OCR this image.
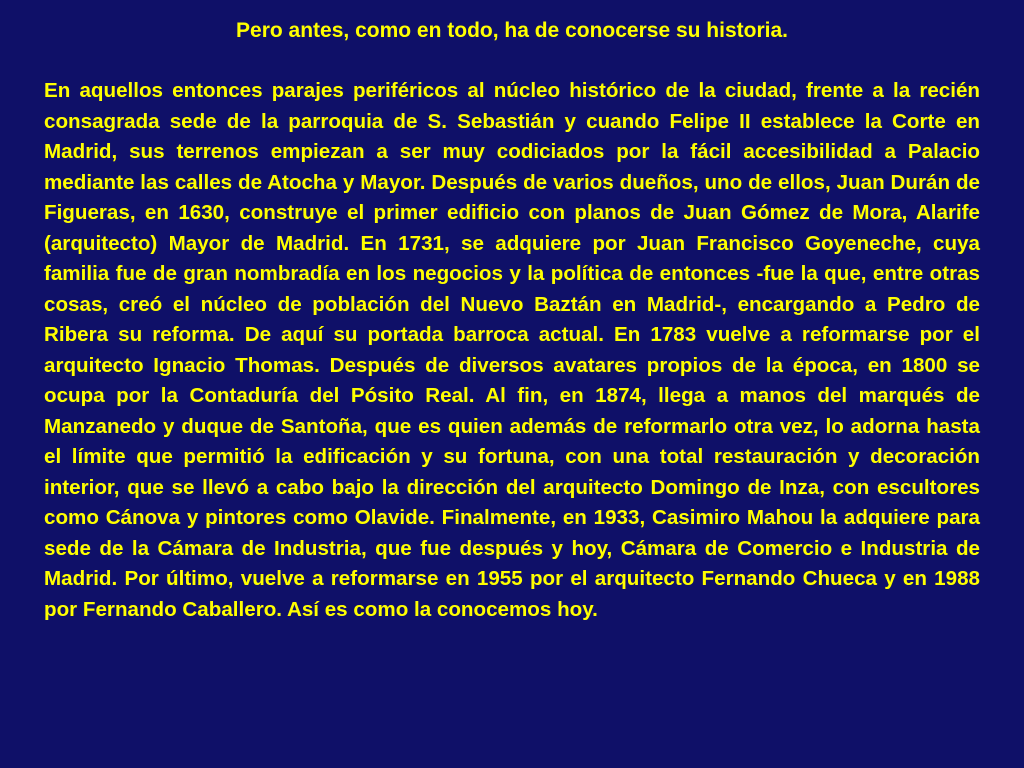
Pero antes, como en todo, ha de conocerse su historia.

En aquellos entonces parajes periféricos al núcleo histórico de la ciudad, frente a la recién consagrada sede de la parroquia de S. Sebastián y cuando Felipe II establece la Corte en Madrid, sus terrenos empiezan a ser muy codiciados por la fácil accesibilidad a Palacio mediante las calles de Atocha y Mayor. Después de varios dueños, uno de ellos, Juan Durán de Figueras, en 1630, construye el primer edificio con planos de Juan Gómez de Mora, Alarife (arquitecto) Mayor de Madrid. En 1731, se adquiere por Juan Francisco Goyeneche, cuya familia fue de gran nombradía en los negocios y la política de entonces -fue la que, entre otras cosas, creó el núcleo de población del Nuevo Baztán en Madrid-, encargando a Pedro de Ribera su reforma. De aquí su portada barroca actual. En 1783 vuelve a reformarse por el arquitecto Ignacio Thomas. Después de diversos avatares propios de la época, en 1800 se ocupa por la Contaduría del Pósito Real. Al fin, en 1874, llega a manos del marqués de Manzanedo y duque de Santoña, que es quien además de reformarlo otra vez, lo adorna hasta el límite que permitió la edificación y su fortuna, con una total restauración y decoración interior, que se llevó a cabo bajo la dirección del arquitecto Domingo de Inza, con escultores como Cánova y pintores como Olavide. Finalmente, en 1933, Casimiro Mahou la adquiere para sede de la Cámara de Industria, que fue después y hoy, Cámara de Comercio e Industria de Madrid. Por último, vuelve a reformarse en 1955 por el arquitecto Fernando Chueca y en 1988 por Fernando Caballero. Así es como la conocemos hoy.
